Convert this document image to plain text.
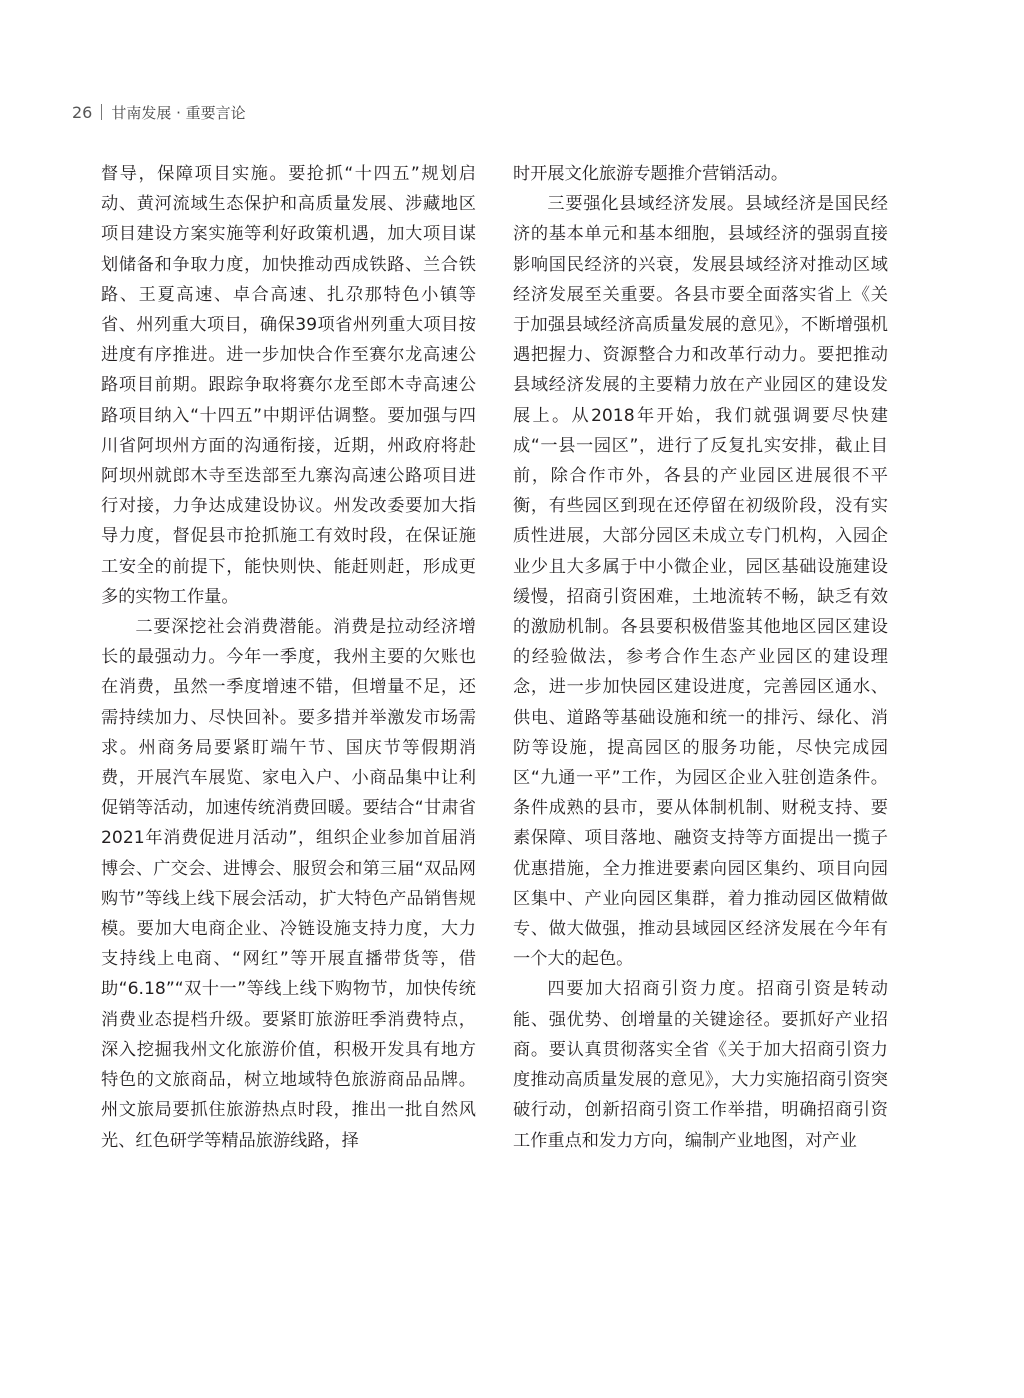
26 甘南发展 · 重要言论

督导，保障项目实施。要抢抓“十四五”规划启动、黄河流域生态保护和高质量发展、涉藏地区项目建设方案实施等利好政策机遇，加大项目谋划储备和争取力度，加快推动西成铁路、兰合铁路、王夏高速、卓合高速、扎尕那特色小镇等省、州列重大项目，确保39项省州列重大项目按进度有序推进。进一步加快合作至赛尔龙高速公路项目前期。跟踪争取将赛尔龙至郎木寺高速公路项目纳入“十四五”中期评估调整。要加强与四川省阿坝州方面的沟通衔接，近期，州政府将赴阿坝州就郎木寺至迭部至九寨沟高速公路项目进行对接，力争达成建设协议。州发改委要加大指导力度，督促县市抢抓施工有效时段，在保证施工安全的前提下，能快则快、能赶则赶，形成更多的实物工作量。

二要深挖社会消费潜能。消费是拉动经济增长的最强动力。今年一季度，我州主要的欠账也在消费，虽然一季度增速不错，但增量不足，还需持续加力、尽快回补。要多措并举激发市场需求。州商务局要紧盯端午节、国庆节等假期消费，开展汽车展览、家电入户、小商品集中让利促销等活动，加速传统消费回暖。要结合“甘肃省2021年消费促进月活动”，组织企业参加首届消博会、广交会、进博会、服贸会和第三届“双品网购节”等线上线下展会活动，扩大特色产品销售规模。要加大电商企业、冷链设施支持力度，大力支持线上电商、“网红”等开展直播带货等，借助“6.18”“双十一”等线上线下购物节，加快传统消费业态提档升级。要紧盯旅游旺季消费特点，深入挖掘我州文化旅游价值，积极开发具有地方特色的文旅商品，树立地域特色旅游商品品牌。州文旅局要抓住旅游热点时段，推出一批自然风光、红色研学等精品旅游线路，择

时开展文化旅游专题推介营销活动。

三要强化县域经济发展。县域经济是国民经济的基本单元和基本细胞，县域经济的强弱直接影响国民经济的兴衰，发展县域经济对推动区域经济发展至关重要。各县市要全面落实省上《关于加强县域经济高质量发展的意见》，不断增强机遇把握力、资源整合力和改革行动力。要把推动县域经济发展的主要精力放在产业园区的建设发展上。从2018年开始，我们就强调要尽快建成“一县一园区”，进行了反复扎实安排，截止目前，除合作市外，各县的产业园区进展很不平衡，有些园区到现在还停留在初级阶段，没有实质性进展，大部分园区未成立专门机构，入园企业少且大多属于中小微企业，园区基础设施建设缓慢，招商引资困难，土地流转不畅，缺乏有效的激励机制。各县要积极借鉴其他地区园区建设的经验做法，参考合作生态产业园区的建设理念，进一步加快园区建设进度，完善园区通水、供电、道路等基础设施和统一的排污、绿化、消防等设施，提高园区的服务功能，尽快完成园区“九通一平”工作，为园区企业入驻创造条件。条件成熟的县市，要从体制机制、财税支持、要素保障、项目落地、融资支持等方面提出一揽子优惠措施，全力推进要素向园区集约、项目向园区集中、产业向园区集群，着力推动园区做精做专、做大做强，推动县域园区经济发展在今年有一个大的起色。

四要加大招商引资力度。招商引资是转动能、强优势、创增量的关键途径。要抓好产业招商。要认真贯彻落实全省《关于加大招商引资力度推动高质量发展的意见》，大力实施招商引资突破行动，创新招商引资工作举措，明确招商引资工作重点和发力方向，编制产业地图，对产业
